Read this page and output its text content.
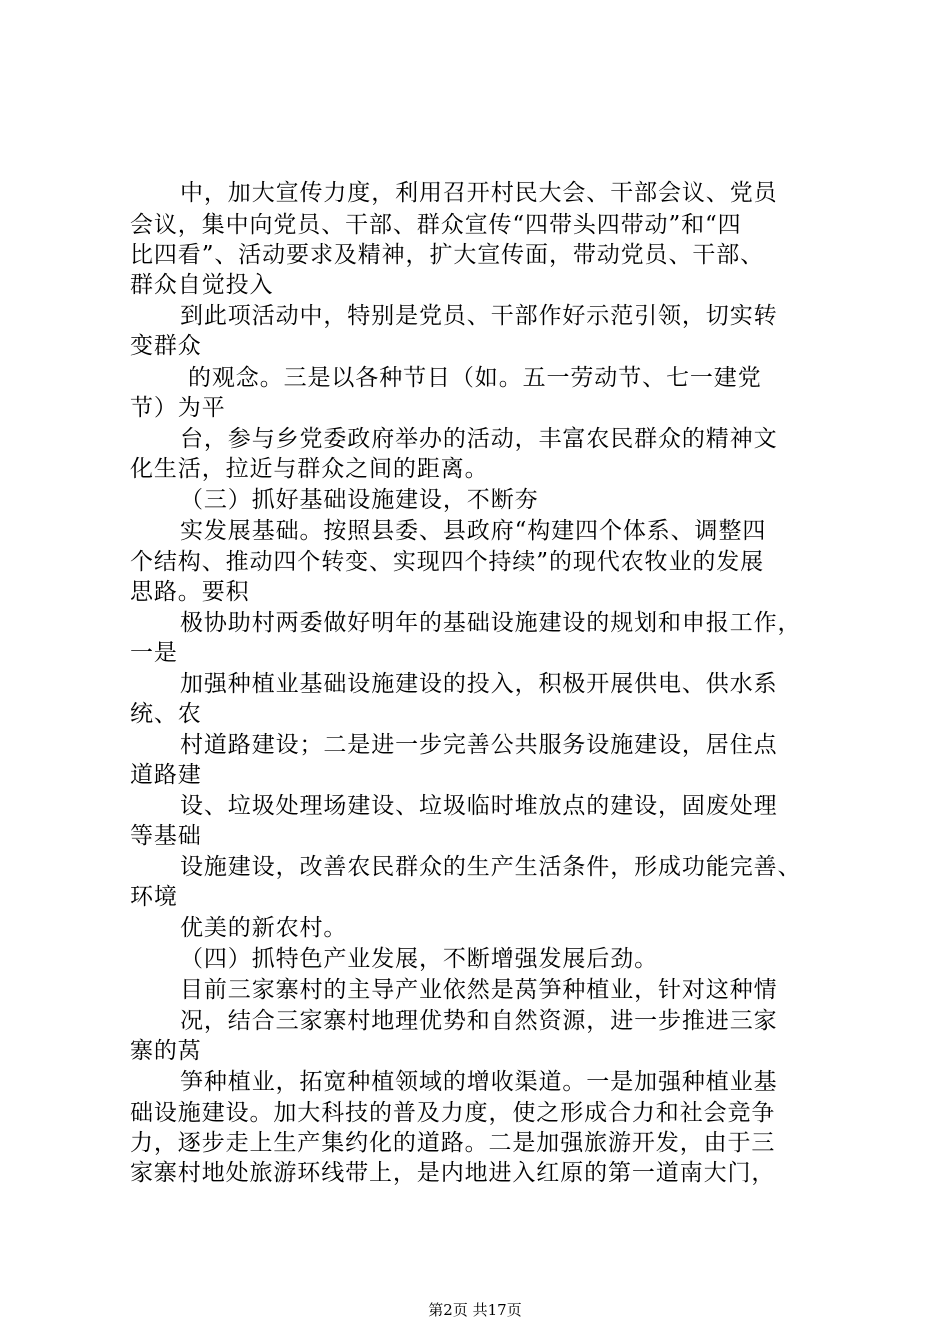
中，加大宣传力度，利用召开村民大会、干部会议、党员
会议，集中向党员、干部、群众宣传“四带头四带动”和“四
比四看”、活动要求及精神，扩大宣传面，带动党员、干部、
群众自觉投入
到此项活动中，特别是党员、干部作好示范引领，切实转
变群众
的观念。三是以各种节日（如。五一劳动节、七一建党
节）为平
台，参与乡党委政府举办的活动，丰富农民群众的精神文
化生活，拉近与群众之间的距离。
（三）抓好基础设施建设，不断夯
实发展基础。按照县委、县政府“构建四个体系、调整四
个结构、推动四个转变、实现四个持续”的现代农牧业的发展
思路。要积
极协助村两委做好明年的基础设施建设的规划和申报工作，
一是
加强种植业基础设施建设的投入，积极开展供电、供水系
统、农
村道路建设；二是进一步完善公共服务设施建设，居住点
道路建
设、垃圾处理场建设、垃圾临时堆放点的建设，固废处理
等基础
设施建设，改善农民群众的生产生活条件，形成功能完善、
环境
优美的新农村。
（四）抓特色产业发展，不断增强发展后劲。
目前三家寨村的主导产业依然是莴笋种植业，针对这种情
况，结合三家寨村地理优势和自然资源，进一步推进三家
寨的莴
笋种植业，拓宽种植领域的增收渠道。一是加强种植业基
础设施建设。加大科技的普及力度，使之形成合力和社会竞争
力，逐步走上生产集约化的道路。二是加强旅游开发，由于三
家寨村地处旅游环线带上，是内地进入红原的第一道南大门，
第2页 共17页
